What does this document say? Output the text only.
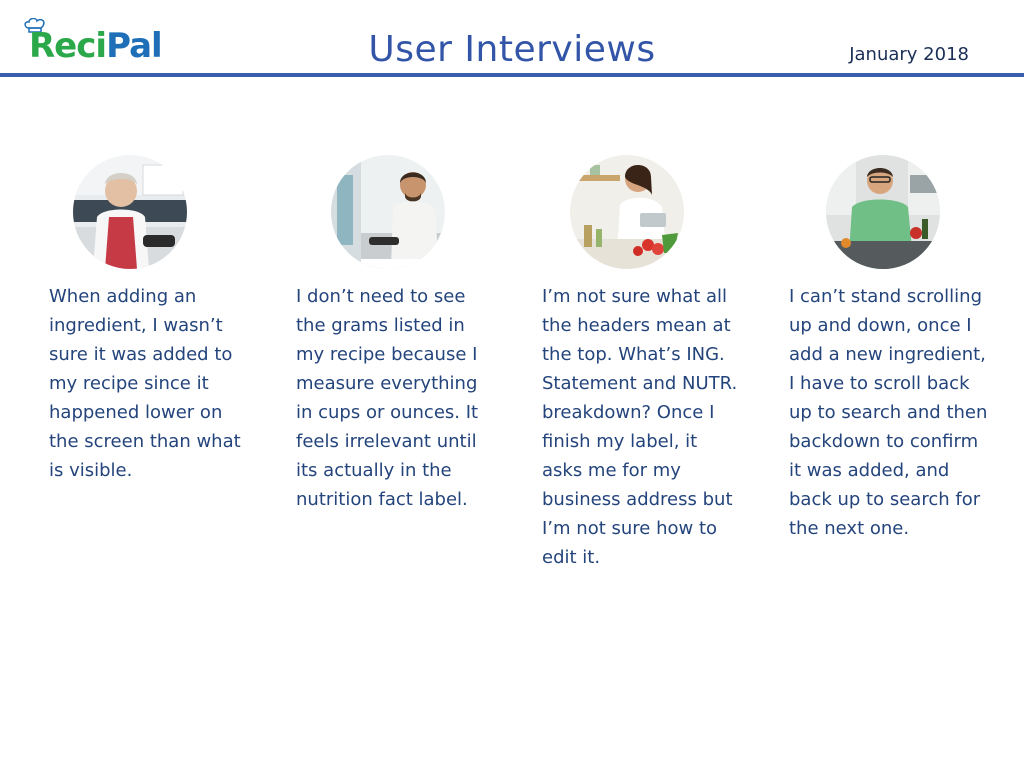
ReciPal	User Interviews	January 2018

When adding an ingredient, I wasn’t sure it was added to my recipe since it happened lower on the screen than what is visible.

I don’t need to see the grams listed in my recipe because I measure everything in cups or ounces. It feels irrelevant until its actually in the nutrition fact label.

I’m not sure what all the headers mean at the top. What’s ING. Statement and NUTR. breakdown? Once I finish my label, it asks me for my business address but I’m not sure how to edit it.

I can’t stand scrolling up and down, once I add a new ingredient, I have to scroll back up to search and then backdown to confirm it was added, and back up to search for the next one.
